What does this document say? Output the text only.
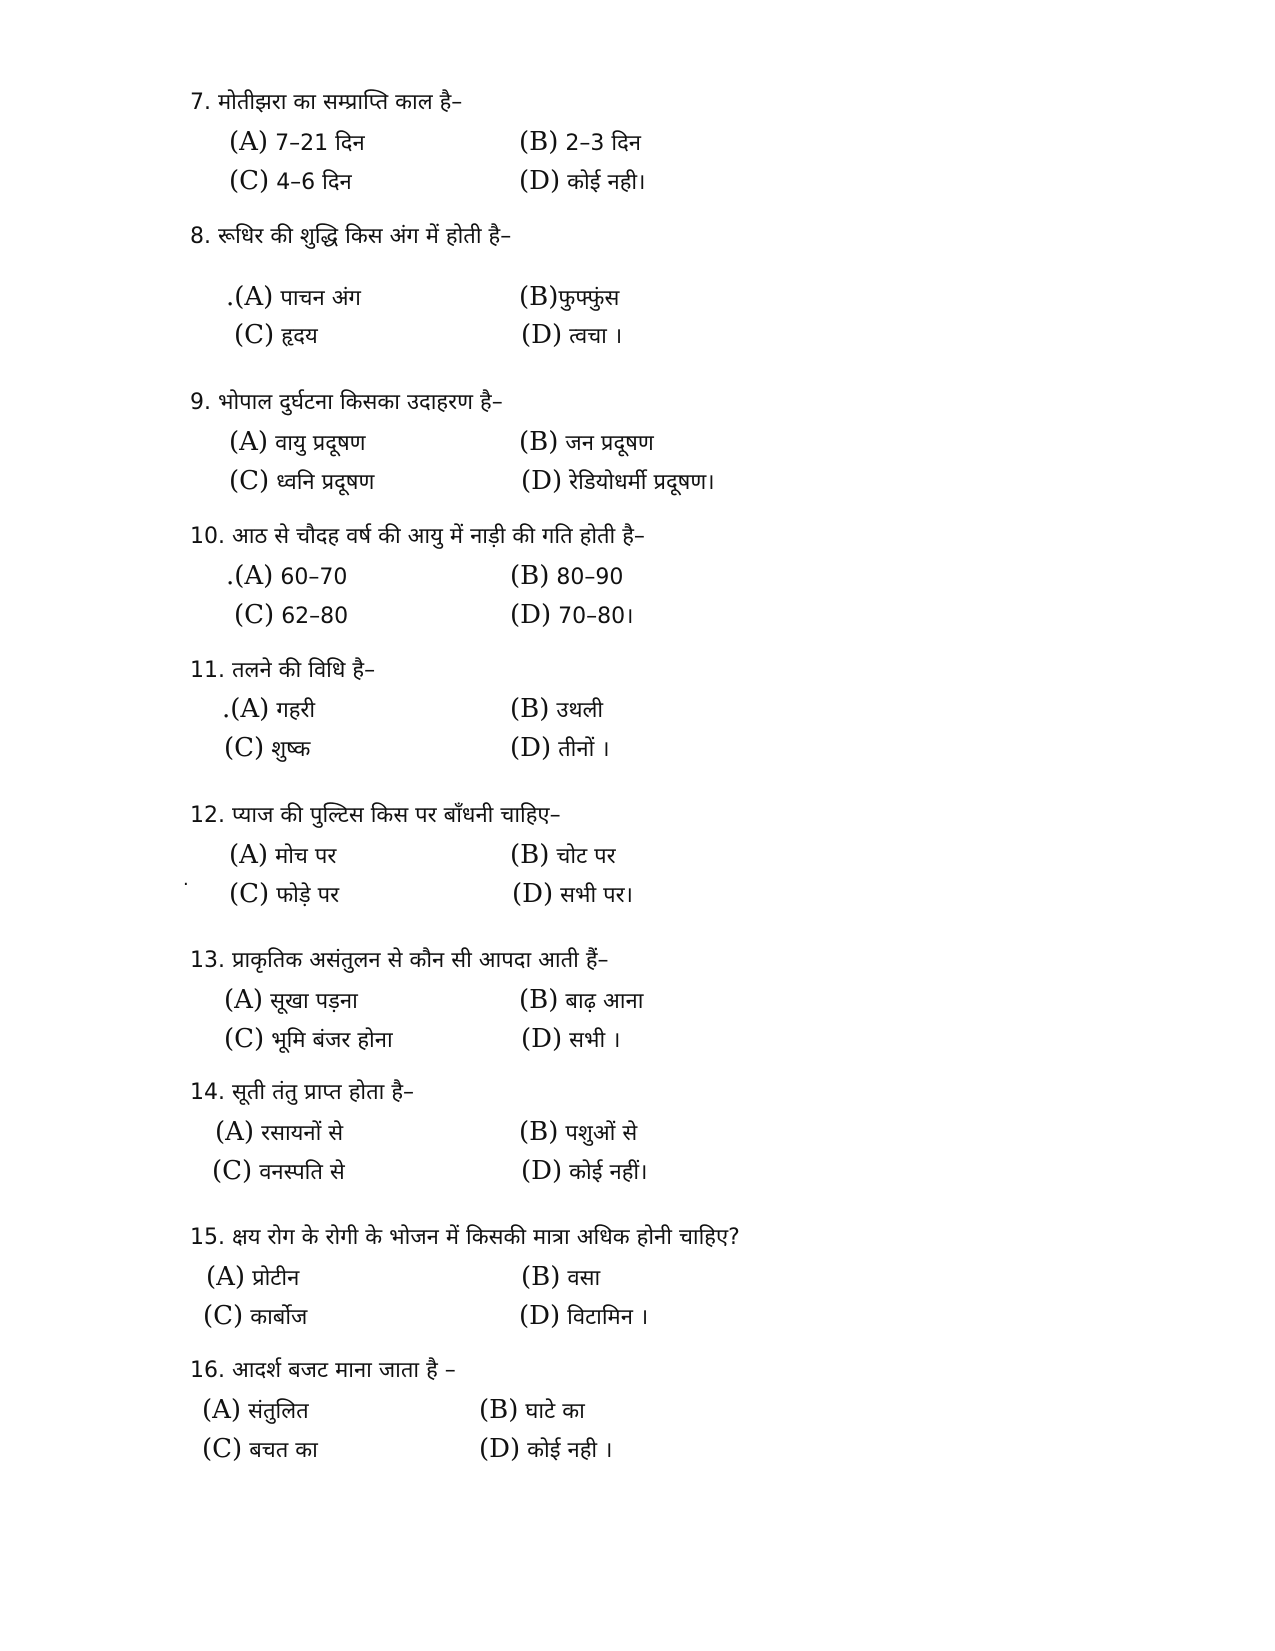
7. मोतीझरा का सम्प्राप्ति काल है–
(A) 7–21 दिन	(B) 2–3 दिन
(C) 4–6 दिन	(D) कोई नही।
8. रूधिर की शुद्धि किस अंग में होती है–
.(A) पाचन अंग	(B)फुफ्फुंस
(C) हृदय	(D) त्वचा ।
9. भोपाल दुर्घटना किसका उदाहरण है–
(A) वायु प्रदूषण	(B) जन प्रदूषण
(C) ध्वनि प्रदूषण	(D) रेडियोधर्मी प्रदूषण।
10. आठ से चौदह वर्ष की आयु में नाड़ी की गति होती है–
.(A) 60–70	(B) 80–90
(C) 62–80	(D) 70–80।
11. तलने की विधि है–
.(A) गहरी	(B) उथली
(C) शुष्क	(D) तीनों ।
12. प्याज की पुल्टिस किस पर बाँधनी चाहिए–
(A) मोच पर	(B) चोट पर
(C) फोड़े पर	(D) सभी पर।
.
13. प्राकृतिक असंतुलन से कौन सी आपदा आती हैं–
(A) सूखा पड़ना	(B) बाढ़ आना
(C) भूमि बंजर होना	(D) सभी ।
14. सूती तंतु प्राप्त होता है–
(A) रसायनों से	(B) पशुओं से
(C) वनस्पति से	(D) कोई नहीं।
15. क्षय रोग के रोगी के भोजन में किसकी मात्रा अधिक होनी चाहिए?
(A) प्रोटीन	(B) वसा
(C) कार्बोज	(D) विटामिन ।
16. आदर्श बजट माना जाता है –
(A) संतुलित	(B) घाटे का
(C) बचत का	(D) कोई नही ।
